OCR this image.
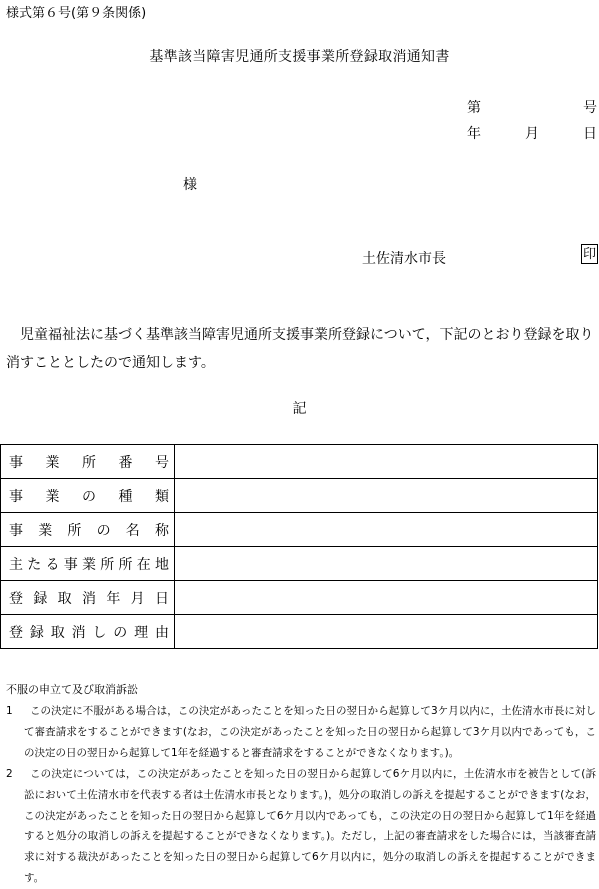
様式第６号(第９条関係)
基準該当障害児通所支援事業所登録取消通知書
第	号
年	月	日
様
土佐清水市長	印
　児童福祉法に基づく基準該当障害児通所支援事業所登録について，下記のとおり登録を取り消すこととしたので通知します。
記
事業所番号	

事業の種類	

事業所の名称	

主たる事業所所在地	

登録取消年月日	

登録取消しの理由	

不服の申立て及び取消訴訟
1	この決定に不服がある場合は，この決定があったことを知った日の翌日から起算して3ケ月以内に，土佐清水市長に対して審査請求をすることができます(なお，この決定があったことを知った日の翌日から起算して3ケ月以内であっても，この決定の日の翌日から起算して1年を経過すると審査請求をすることができなくなります。)。
2	この決定については，この決定があったことを知った日の翌日から起算して6ケ月以内に，土佐清水市を被告として(訴訟において土佐清水市を代表する者は土佐清水市長となります。)，処分の取消しの訴えを提起することができます(なお，この決定があったことを知った日の翌日から起算して6ケ月以内であっても，この決定の日の翌日から起算して1年を経過すると処分の取消しの訴えを提起することができなくなります。)。ただし，上記の審査請求をした場合には，当該審査請求に対する裁決があったことを知った日の翌日から起算して6ケ月以内に，処分の取消しの訴えを提起することができます。
